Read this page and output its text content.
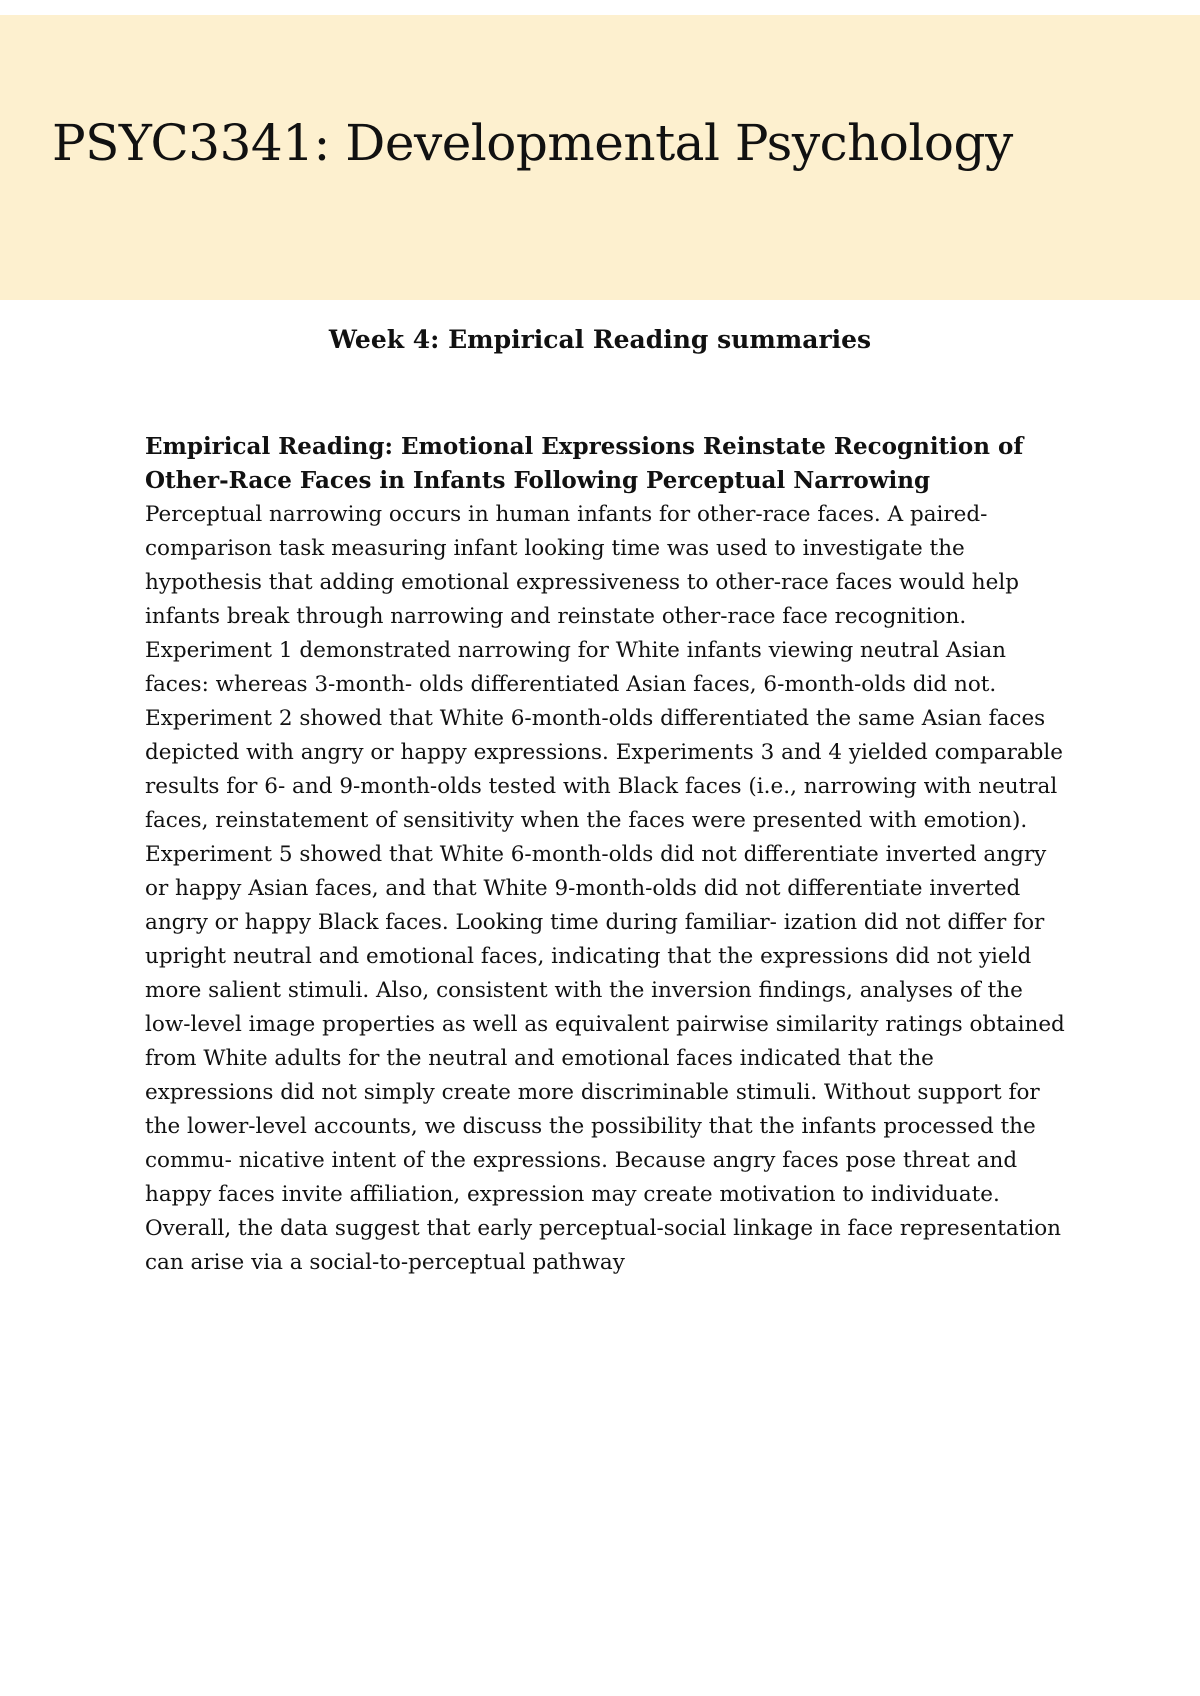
PSYC3341: Developmental Psychology
Week 4: Empirical Reading summaries

Empirical Reading: Emotional Expressions Reinstate Recognition of Other-Race Faces in Infants Following Perceptual Narrowing

Perceptual narrowing occurs in human infants for other-race faces. A paired-comparison task measuring infant looking time was used to investigate the hypothesis that adding emotional expressiveness to other-race faces would help infants break through narrowing and reinstate other-race face recognition. Experiment 1 demonstrated narrowing for White infants viewing neutral Asian faces: whereas 3-month- olds differentiated Asian faces, 6-month-olds did not. Experiment 2 showed that White 6-month-olds differentiated the same Asian faces depicted with angry or happy expressions. Experiments 3 and 4 yielded comparable results for 6- and 9-month-olds tested with Black faces (i.e., narrowing with neutral faces, reinstatement of sensitivity when the faces were presented with emotion). Experiment 5 showed that White 6-month-olds did not differentiate inverted angry or happy Asian faces, and that White 9-month-olds did not differentiate inverted angry or happy Black faces. Looking time during familiar- ization did not differ for upright neutral and emotional faces, indicating that the expressions did not yield more salient stimuli. Also, consistent with the inversion findings, analyses of the low-level image properties as well as equivalent pairwise similarity ratings obtained from White adults for the neutral and emotional faces indicated that the expressions did not simply create more discriminable stimuli. Without support for the lower-level accounts, we discuss the possibility that the infants processed the commu- nicative intent of the expressions. Because angry faces pose threat and happy faces invite affiliation, expression may create motivation to individuate. Overall, the data suggest that early perceptual-social linkage in face representation can arise via a social-to-perceptual pathway
